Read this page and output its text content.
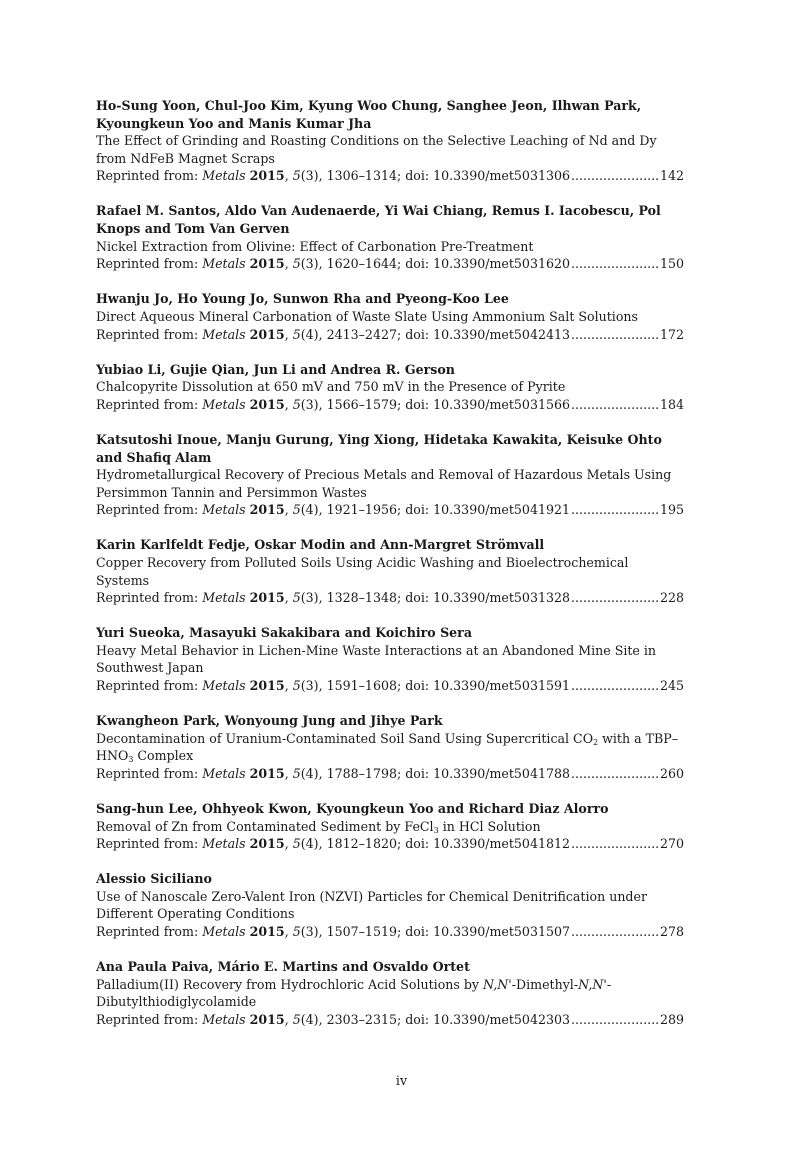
Ho-Sung Yoon, Chul-Joo Kim, Kyung Woo Chung, Sanghee Jeon, Ilhwan Park, Kyoungkeun Yoo and Manis Kumar Jha
The Effect of Grinding and Roasting Conditions on the Selective Leaching of Nd and Dy from NdFeB Magnet Scraps
Reprinted from:
Metals
2015 , 5 (3), 1306–1314; doi: 10.3390/met5031306 .....	142
Rafael M. Santos, Aldo Van Audenaerde, Yi Wai Chiang, Remus I. Iacobescu, Pol Knops and Tom Van Gerven
Nickel Extraction from Olivine: Effect of Carbonation Pre-Treatment
Reprinted from:
Metals
2015 , 5 (3), 1620–1644; doi: 10.3390/met5031620 .....	150
Hwanju Jo, Ho Young Jo, Sunwon Rha and Pyeong-Koo Lee
Direct Aqueous Mineral Carbonation of Waste Slate Using Ammonium Salt Solutions
Reprinted from:
Metals
2015 , 5 (4), 2413–2427; doi: 10.3390/met5042413 .....	172
Yubiao Li, Gujie Qian, Jun Li and Andrea R. Gerson
Chalcopyrite Dissolution at 650 mV and 750 mV in the Presence of Pyrite
Reprinted from:
Metals
2015 , 5 (3), 1566–1579; doi: 10.3390/met5031566 .....	184
Katsutoshi Inoue, Manju Gurung, Ying Xiong, Hidetaka Kawakita, Keisuke Ohto and Shafiq Alam
Hydrometallurgical Recovery of Precious Metals and Removal of Hazardous Metals Using Persimmon Tannin and Persimmon Wastes
Reprinted from:
Metals
2015 , 5 (4), 1921–1956; doi: 10.3390/met5041921 .....	195
Karin Karlfeldt Fedje, Oskar Modin and Ann-Margret Strömvall
Copper Recovery from Polluted Soils Using Acidic Washing and Bioelectrochemical Systems
Reprinted from:
Metals
2015 , 5 (3), 1328–1348; doi: 10.3390/met5031328 .....	228
Yuri Sueoka, Masayuki Sakakibara and Koichiro Sera
Heavy Metal Behavior in Lichen-Mine Waste Interactions at an Abandoned Mine Site in Southwest Japan
Reprinted from:
Metals
2015 , 5 (3), 1591–1608; doi: 10.3390/met5031591 .....	245
Kwangheon Park, Wonyoung Jung and Jihye Park
Decontamination of Uranium-Contaminated Soil Sand Using Supercritical $CO_2$ with a TBP–$HNO_3$ Complex
Reprinted from:
Metals
2015 , 5 (4), 1788–1798; doi: 10.3390/met5041788 .....	260
Sang-hun Lee, Ohhyeok Kwon, Kyoungkeun Yoo and Richard Diaz Alorro
Removal of Zn from Contaminated Sediment by FeCl$_3$ in HCl Solution
Reprinted from:
Metals
2015 , 5 (4), 1812–1820; doi: 10.3390/met5041812 .....	270
Alessio Siciliano
Use of Nanoscale Zero-Valent Iron (NZVI) Particles for Chemical Denitrification under Different Operating Conditions
Reprinted from:
Metals
2015 , 5 (3), 1507–1519; doi: 10.3390/met5031507 .....	278
Ana Paula Paiva, Mário E. Martins and Osvaldo Ortet
Palladium(II) Recovery from Hydrochloric Acid Solutions by N,N'-Dimethyl-N,N'-Dibutylthiodiglycolamide
Reprinted from:
Metals
2015 , 5 (4), 2303–2315; doi: 10.3390/met5042303 .....	289
iv
